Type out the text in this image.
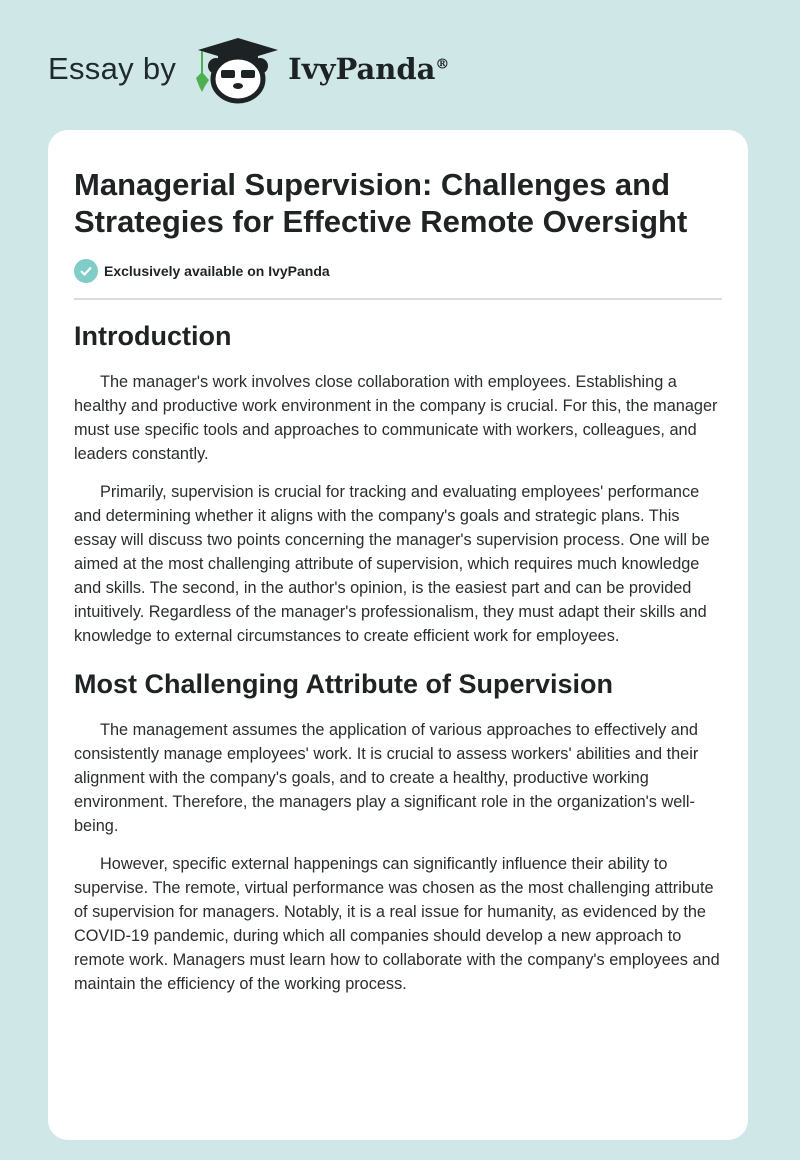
Essay by	IvyPanda®
Managerial Supervision: Challenges and Strategies for Effective Remote Oversight
Exclusively available on IvyPanda
Introduction

The manager's work involves close collaboration with employees. Establishing a healthy and productive work environment in the company is crucial. For this, the manager must use specific tools and approaches to communicate with workers, colleagues, and leaders constantly.

Primarily, supervision is crucial for tracking and evaluating employees' performance and determining whether it aligns with the company's goals and strategic plans. This essay will discuss two points concerning the manager's supervision process. One will be aimed at the most challenging attribute of supervision, which requires much knowledge and skills. The second, in the author's opinion, is the easiest part and can be provided intuitively. Regardless of the manager's professionalism, they must adapt their skills and knowledge to external circumstances to create efficient work for employees.

Most Challenging Attribute of Supervision

The management assumes the application of various approaches to effectively and consistently manage employees' work. It is crucial to assess workers' abilities and their alignment with the company's goals, and to create a healthy, productive working environment. Therefore, the managers play a significant role in the organization's well-being.

However, specific external happenings can significantly influence their ability to supervise. The remote, virtual performance was chosen as the most challenging attribute of supervision for managers. Notably, it is a real issue for humanity, as evidenced by the COVID-19 pandemic, during which all companies should develop a new approach to remote work. Managers must learn how to collaborate with the company's employees and maintain the efficiency of the working process.
